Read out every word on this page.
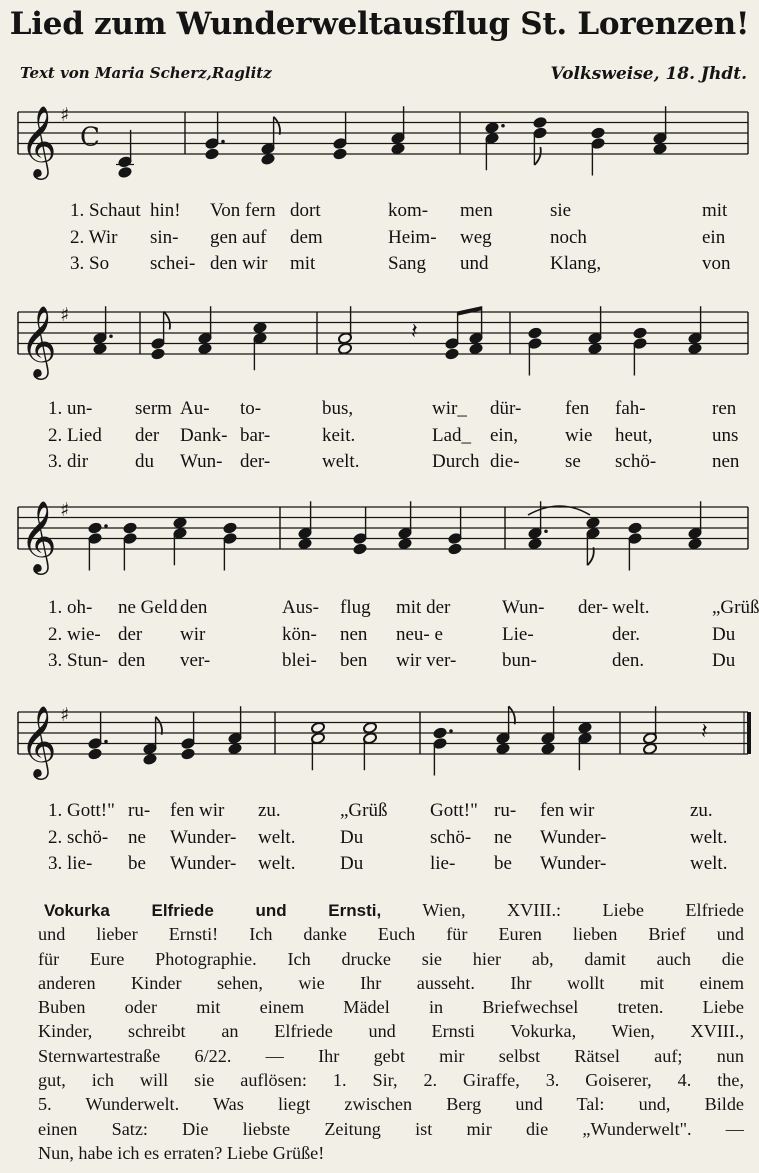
Lied zum Wunderweltausflug St. Lorenzen!
Text von Maria Scherz,Raglitz	Volksweise, 18. Jhdt.
𝄞 ♯
C
𝄞 ♯
𝄽
𝄞 ♯
𝄞 ♯
𝄽
1. Schaut hin! Von fern dort	kom- men	sie	mit
2. Wir sin- gen auf dem	Heim- weg	noch	ein
3. So schei- den wir mit	Sang und	Klang,	von
1. un- serm Au- to-	bus,	wir_ dür- fen fah-	ren
2. Lied der Dank- bar-	keit.	Lad_ ein, wie heut,	uns
3. dir du Wun- der-	welt.	Durch die- se schö-	nen
1. oh- ne Geld den	Aus- flug mit der	Wun- der- welt.	„Grüß
2. wie- der wir	kön- nen neu- e	Lie-	der.	Du
3. Stun- den ver-	blei- ben wir ver- bun-	den.	Du
1. Gott!" ru- fen wir zu.	„Grüß Gott!" ru- fen wir	zu.
2. schö- ne Wunder- welt. Du	schö- ne Wunder-	welt.
3. lie- be Wunder- welt. Du	lie- be Wunder-	welt.
Vokurka Elfriede und Ernsti, Wien, XVIII.: Liebe Elfriede
und lieber Ernsti! Ich danke Euch für Euren lieben Brief und
für Eure Photographie. Ich drucke sie hier ab, damit auch die
anderen Kinder sehen, wie Ihr ausseht. Ihr wollt mit einem
Buben oder mit einem Mädel in Briefwechsel treten. Liebe
Kinder, schreibt an Elfriede und Ernsti Vokurka, Wien, XVIII.,
Sternwartestraße 6/22. — Ihr gebt mir selbst Rätsel auf; nun
gut, ich will sie auflösen: 1. Sir, 2. Giraffe, 3. Goiserer, 4. the,
5. Wunderwelt. Was liegt zwischen Berg und Tal: und, Bilde
einen Satz: Die liebste Zeitung ist mir die „Wunderwelt". —
Nun, habe ich es erraten? Liebe Grüße!
